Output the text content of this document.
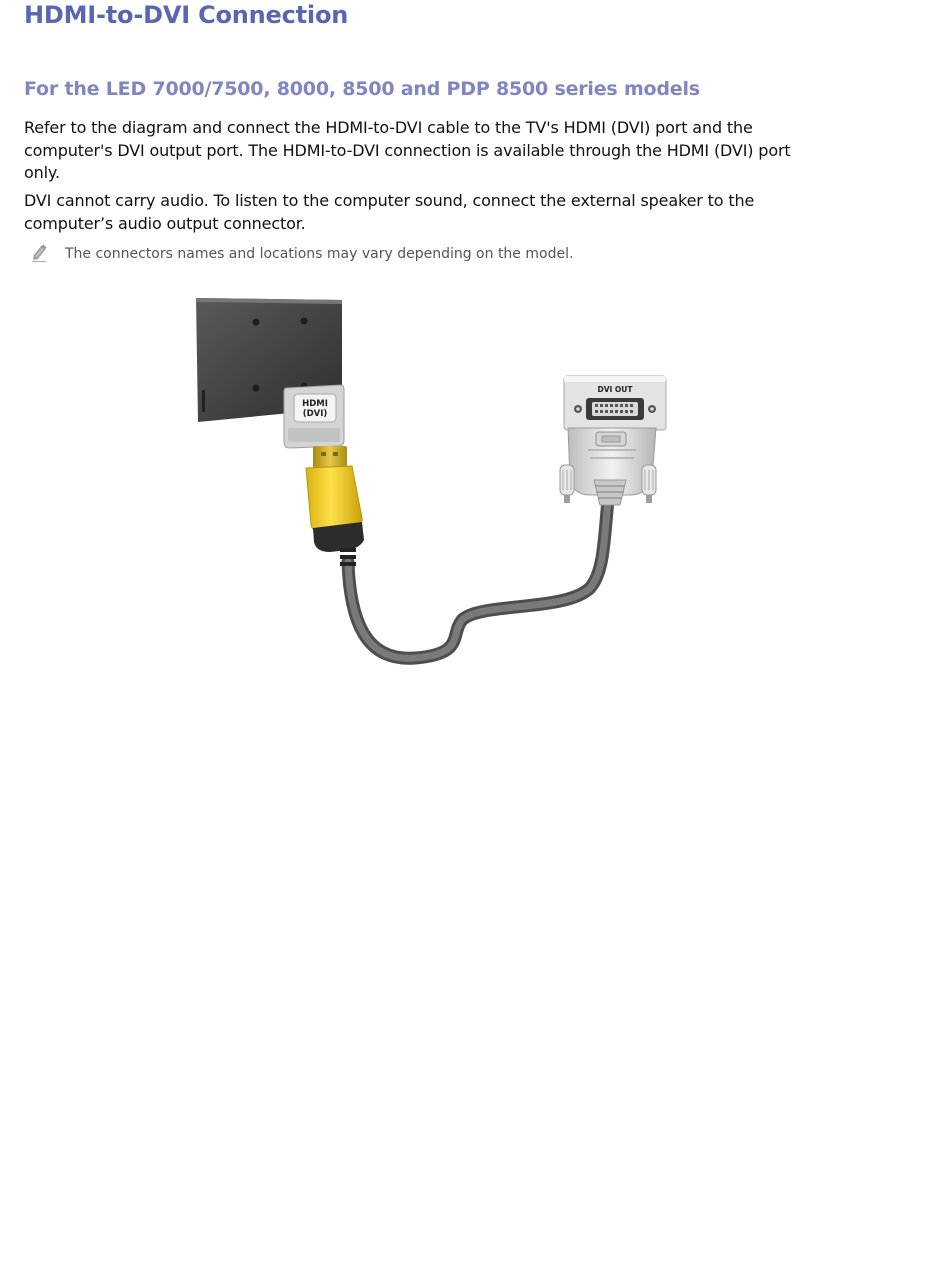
HDMI-to-DVI Connection
For the LED 7000/7500, 8000, 8500 and PDP 8500 series models

Refer to the diagram and connect the HDMI-to-DVI cable to the TV's HDMI (DVI) port and the computer's DVI output port. The HDMI-to-DVI connection is available through the HDMI (DVI) port only.

DVI cannot carry audio. To listen to the computer sound, connect the external speaker to the computer’s audio output connector.

The connectors names and locations may vary depending on the model.
HDMI
(DVI)
DVI OUT
